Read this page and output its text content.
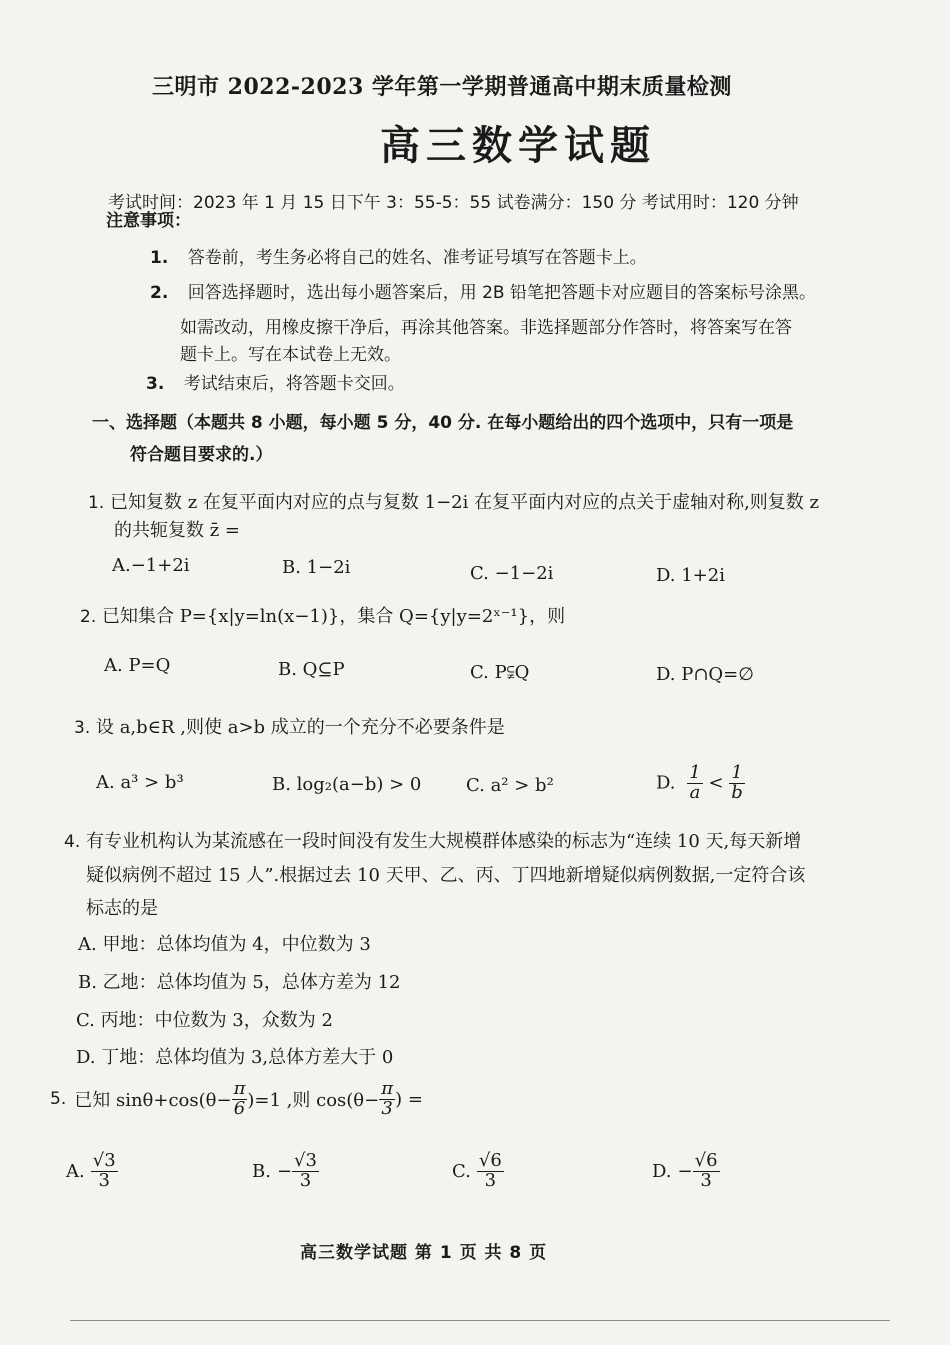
三明市 2022-2023 学年第一学期普通高中期末质量检测
高三数学试题
考试时间：2023 年 1 月 15 日下午 3：55-5：55 试卷满分：150 分 考试用时：120 分钟
注意事项：
1. 答卷前，考生务必将自己的姓名、准考证号填写在答题卡上。
2. 回答选择题时，选出每小题答案后，用 2B 铅笔把答题卡对应题目的答案标号涂黑。
如需改动，用橡皮擦干净后，再涂其他答案。非选择题部分作答时，将答案写在答
题卡上。写在本试卷上无效。
3. 考试结束后，将答题卡交回。
一、选择题（本题共 8 小题，每小题 5 分，40 分. 在每小题给出的四个选项中，只有一项是
符合题目要求的.）
1. 已知复数 z 在复平面内对应的点与复数 1−2i 在复平面内对应的点关于虚轴对称,则复数 z
的共轭复数 z̄ =
A.−1+2i	B. 1−2i	C. −1−2i	D. 1+2i
2. 已知集合 P={x|y=ln(x−1)}，集合 Q={y|y=2ˣ⁻¹}，则
A. P=Q	B. Q⊆P	C. P⫋Q	D. P∩Q=∅
3. 设 a,b∈R ,则使 a>b 成立的一个充分不必要条件是
A. a³ > b³	B. log₂(a−b) > 0 C. a² > b²	D. $\frac{1}{a} < \frac{1}{b}$
4. 有专业机构认为某流感在一段时间没有发生大规模群体感染的标志为“连续 10 天,每天新增
疑似病例不超过 15 人”.根据过去 10 天甲、乙、丙、丁四地新增疑似病例数据,一定符合该
标志的是
A. 甲地：总体均值为 4，中位数为 3
B. 乙地：总体均值为 5，总体方差为 12
C. 丙地：中位数为 3，众数为 2
D. 丁地：总体均值为 3,总体方差大于 0
5. 已知 $\sin\theta+\cos(\theta- \frac{\pi}{6} )=1$ ,则 $\cos(\theta- \frac{\pi}{3}$ ) =
A. $\frac{√3}{3}$	B. − $\frac{√3}{3}$	C. $\frac{√6}{3}$	D. − $\frac{√6}{3}$
高三数学试题 第 1 页 共 8 页
